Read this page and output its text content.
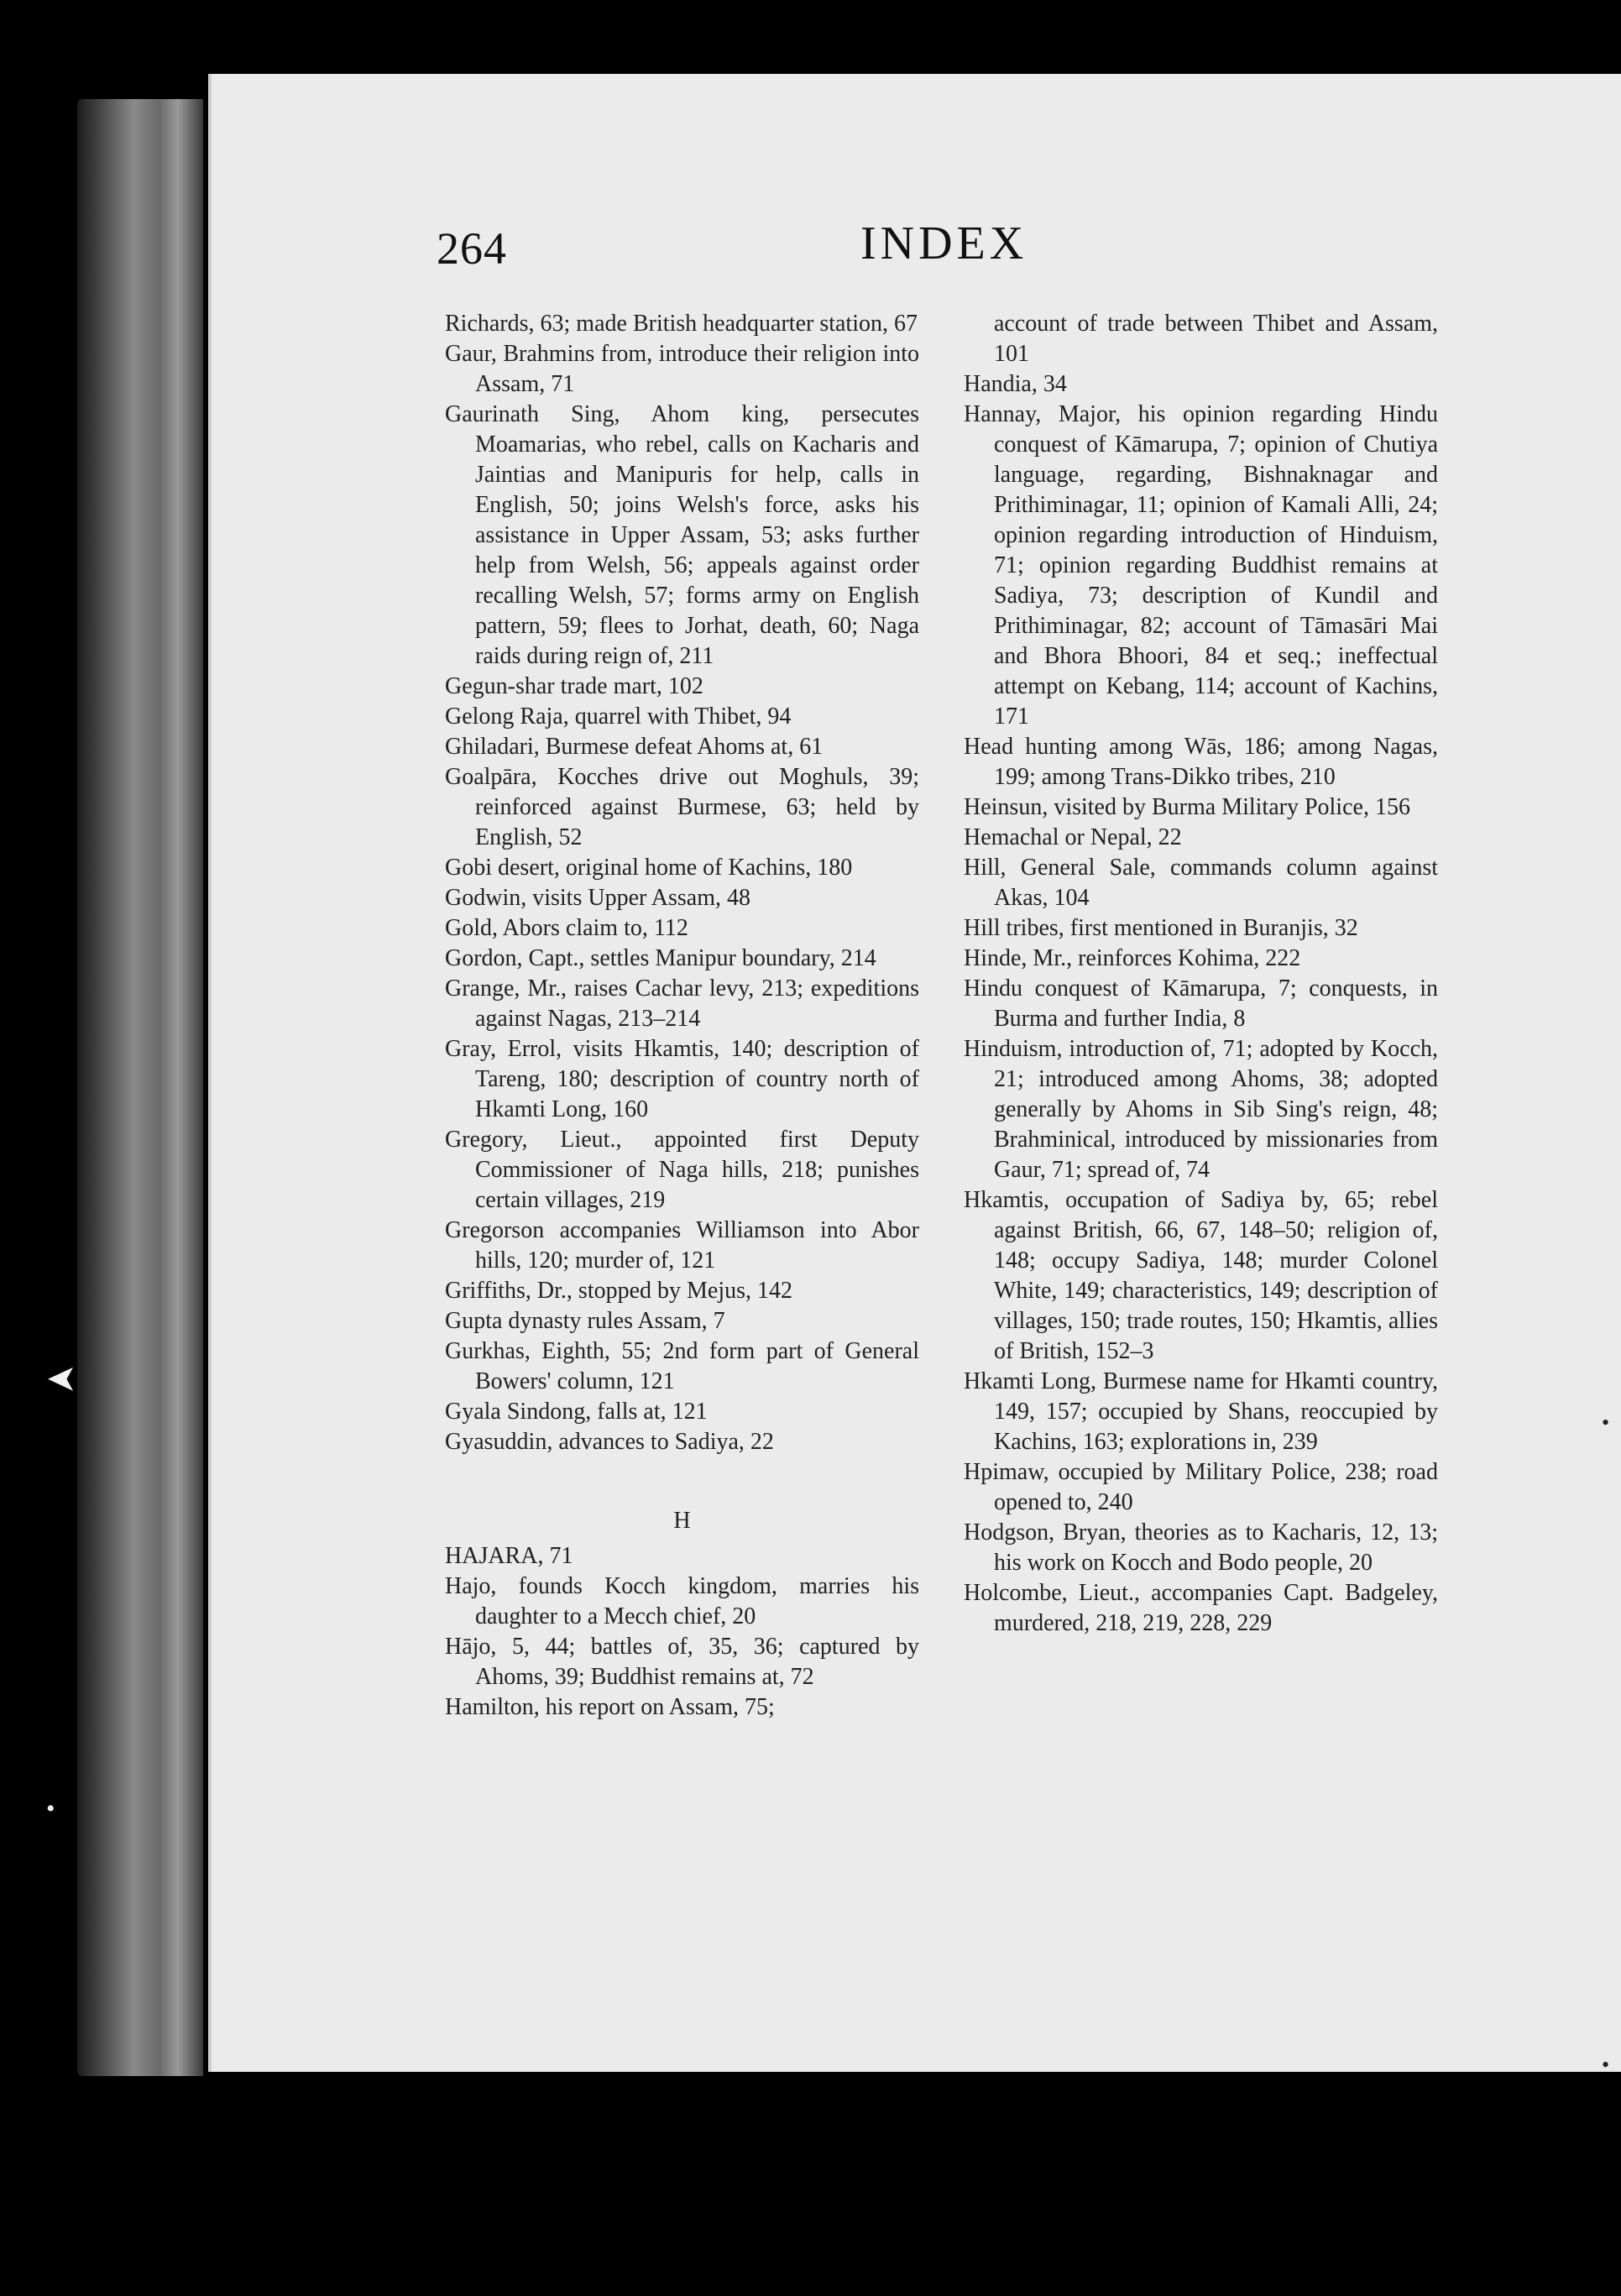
264	INDEX

Richards, 63; made British headquarter station, 67

Gaur, Brahmins from, introduce their religion into Assam, 71

Gaurinath Sing, Ahom king, persecutes Moamarias, who rebel, calls on Kacharis and Jaintias and Manipuris for help, calls in English, 50; joins Welsh's force, asks his assistance in Upper Assam, 53; asks further help from Welsh, 56; appeals against order recalling Welsh, 57; forms army on English pattern, 59; flees to Jorhat, death, 60; Naga raids during reign of, 211

Gegun-shar trade mart, 102

Gelong Raja, quarrel with Thibet, 94

Ghiladari, Burmese defeat Ahoms at, 61

Goalpāra, Kocches drive out Moghuls, 39; reinforced against Burmese, 63; held by English, 52

Gobi desert, original home of Kachins, 180

Godwin, visits Upper Assam, 48

Gold, Abors claim to, 112

Gordon, Capt., settles Manipur boundary, 214

Grange, Mr., raises Cachar levy, 213; expeditions against Nagas, 213–214

Gray, Errol, visits Hkamtis, 140; description of Tareng, 180; description of country north of Hkamti Long, 160

Gregory, Lieut., appointed first Deputy Commissioner of Naga hills, 218; punishes certain villages, 219

Gregorson accompanies Williamson into Abor hills, 120; murder of, 121

Griffiths, Dr., stopped by Mejus, 142

Gupta dynasty rules Assam, 7

Gurkhas, Eighth, 55; 2nd form part of General Bowers' column, 121

Gyala Sindong, falls at, 121

Gyasuddin, advances to Sadiya, 22

H

HAJARA, 71

Hajo, founds Kocch kingdom, marries his daughter to a Mecch chief, 20

Hājo, 5, 44; battles of, 35, 36; captured by Ahoms, 39; Buddhist remains at, 72

Hamilton, his report on Assam, 75;

account of trade between Thibet and Assam, 101

Handia, 34

Hannay, Major, his opinion regarding Hindu conquest of Kāmarupa, 7; opinion of Chutiya language, regarding, Bishnaknagar and Prithiminagar, 11; opinion of Kamali Alli, 24; opinion regarding introduction of Hinduism, 71; opinion regarding Buddhist remains at Sadiya, 73; description of Kundil and Prithiminagar, 82; account of Tāmasāri Mai and Bhora Bhoori, 84 et seq.; ineffectual attempt on Kebang, 114; account of Kachins, 171

Head hunting among Wās, 186; among Nagas, 199; among Trans-Dikko tribes, 210

Heinsun, visited by Burma Military Police, 156

Hemachal or Nepal, 22

Hill, General Sale, commands column against Akas, 104

Hill tribes, first mentioned in Buranjis, 32

Hinde, Mr., reinforces Kohima, 222

Hindu conquest of Kāmarupa, 7; conquests, in Burma and further India, 8

Hinduism, introduction of, 71; adopted by Kocch, 21; introduced among Ahoms, 38; adopted generally by Ahoms in Sib Sing's reign, 48; Brahminical, introduced by missionaries from Gaur, 71; spread of, 74

Hkamtis, occupation of Sadiya by, 65; rebel against British, 66, 67, 148–50; religion of, 148; occupy Sadiya, 148; murder Colonel White, 149; characteristics, 149; description of villages, 150; trade routes, 150; Hkamtis, allies of British, 152–3

Hkamti Long, Burmese name for Hkamti country, 149, 157; occupied by Shans, reoccupied by Kachins, 163; explorations in, 239

Hpimaw, occupied by Military Police, 238; road opened to, 240

Hodgson, Bryan, theories as to Kacharis, 12, 13; his work on Kocch and Bodo people, 20

Holcombe, Lieut., accompanies Capt. Badgeley, murdered, 218, 219, 228, 229

➤
•
•
•
